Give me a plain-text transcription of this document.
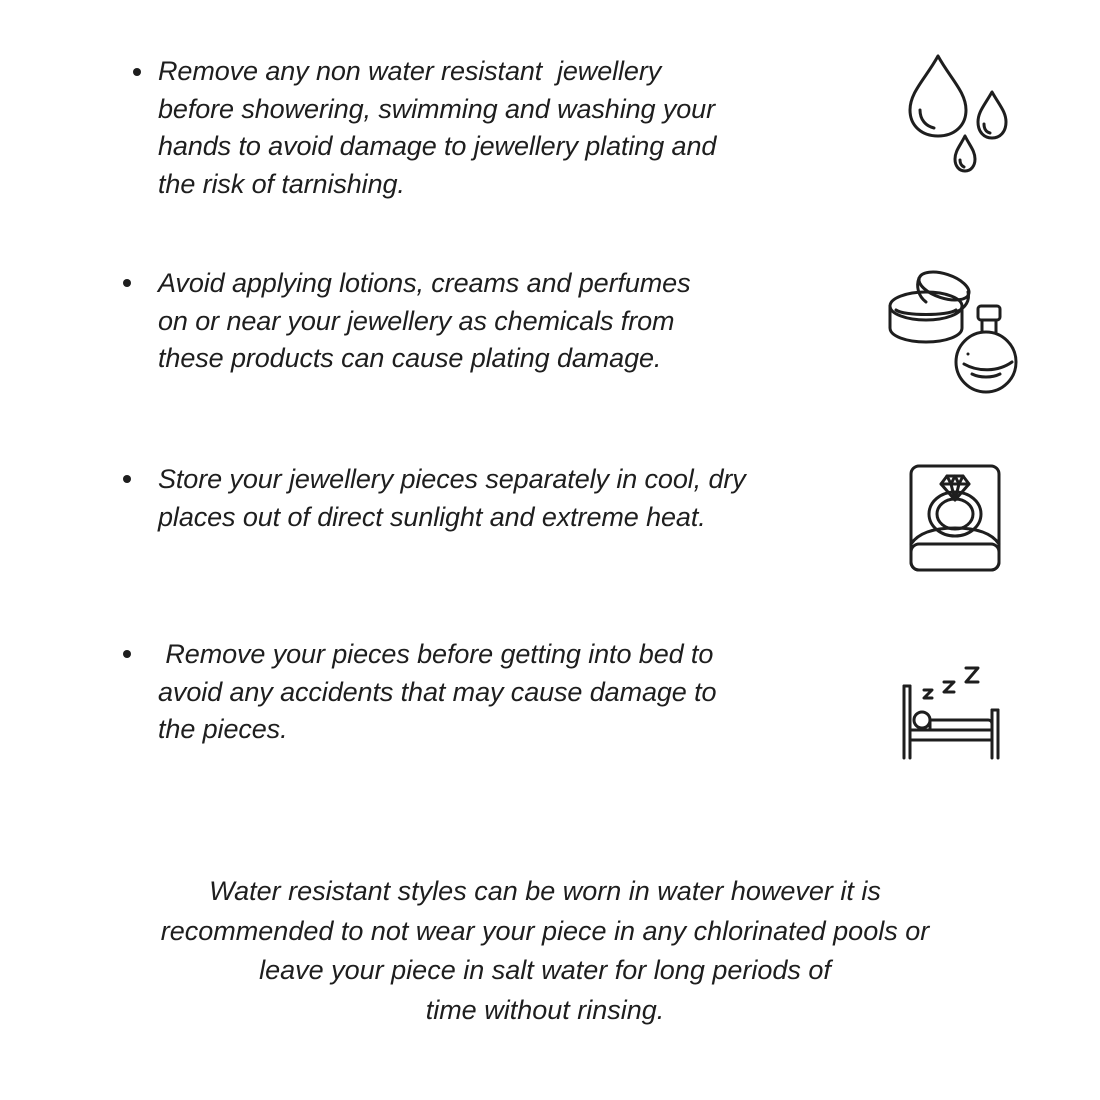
Remove any non water resistant  jewellery
before showering, swimming and washing your
hands to avoid damage to jewellery plating and
the risk of tarnishing.
Avoid applying lotions, creams and perfumes
on or near your jewellery as chemicals from
these products can cause plating damage.
Store your jewellery pieces separately in cool, dry
places out of direct sunlight and extreme heat.
Remove your pieces before getting into bed to
avoid any accidents that may cause damage to
the pieces.
Water resistant styles can be worn in water however it is
recommended to not wear your piece in any chlorinated pools or
leave your piece in salt water for long periods of
time without rinsing.
